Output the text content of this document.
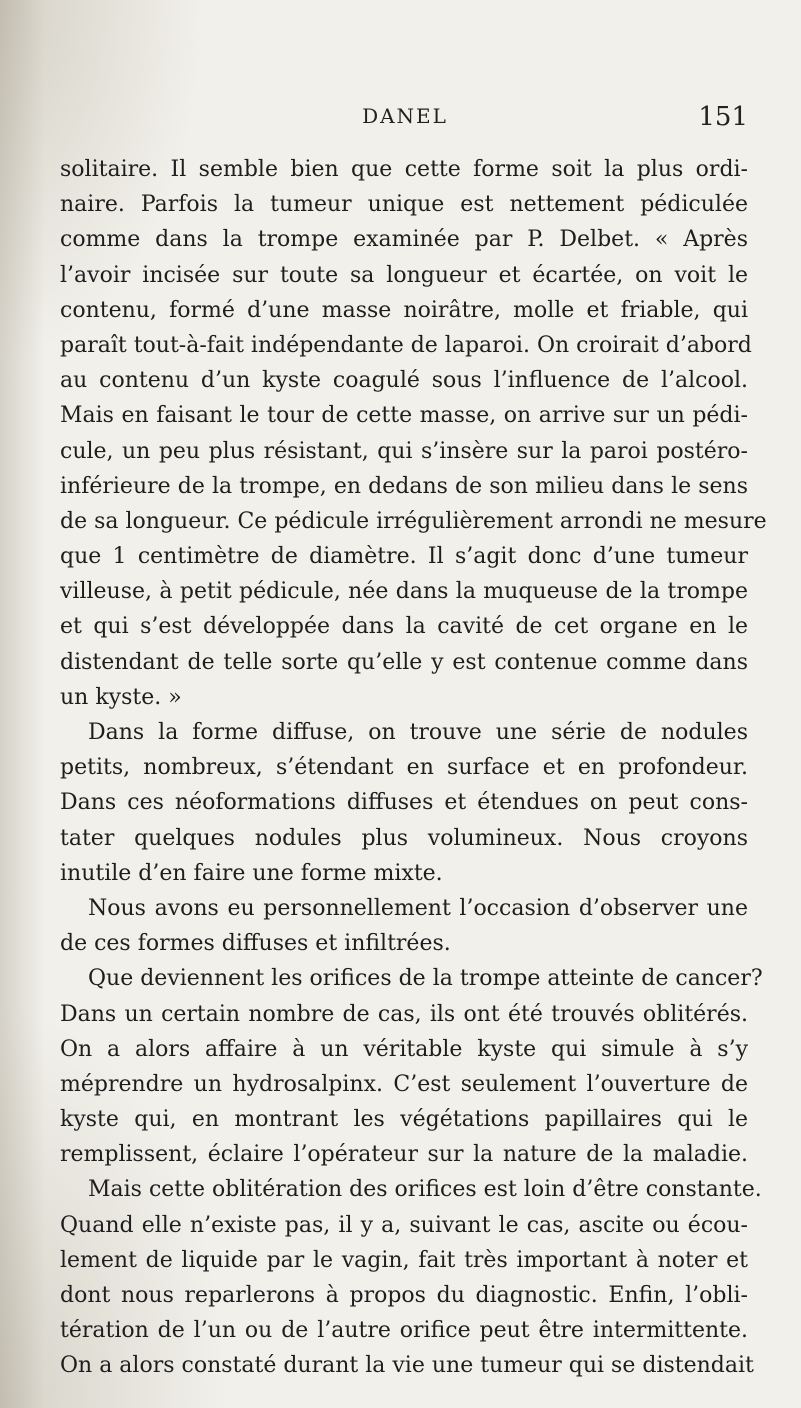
DANEL	151
solitaire. Il semble bien que cette forme soit la plus ordi-
naire. Parfois la tumeur unique est nettement pédiculée
comme dans la trompe examinée par P. Delbet. « Après
l’avoir incisée sur toute sa longueur et écartée, on voit le
contenu, formé d’une masse noirâtre, molle et friable, qui
paraît tout-à-fait indépendante de laparoi. On croirait d’abord
au contenu d’un kyste coagulé sous l’influence de l’alcool.
Mais en faisant le tour de cette masse, on arrive sur un pédi-
cule, un peu plus résistant, qui s’insère sur la paroi postéro-
inférieure de la trompe, en dedans de son milieu dans le sens
de sa longueur. Ce pédicule irrégulièrement arrondi ne mesure
que 1 centimètre de diamètre. Il s’agit donc d’une tumeur
villeuse, à petit pédicule, née dans la muqueuse de la trompe
et qui s’est développée dans la cavité de cet organe en le
distendant de telle sorte qu’elle y est contenue comme dans
un kyste. »
Dans la forme diffuse, on trouve une série de nodules
petits, nombreux, s’étendant en surface et en profondeur.
Dans ces néoformations diffuses et étendues on peut cons-
tater quelques nodules plus volumineux. Nous croyons
inutile d’en faire une forme mixte.
Nous avons eu personnellement l’occasion d’observer une
de ces formes diffuses et infiltrées.
Que deviennent les orifices de la trompe atteinte de cancer?
Dans un certain nombre de cas, ils ont été trouvés oblitérés.
On a alors affaire à un véritable kyste qui simule à s’y
méprendre un hydrosalpinx. C’est seulement l’ouverture de
kyste qui, en montrant les végétations papillaires qui le
remplissent, éclaire l’opérateur sur la nature de la maladie.
Mais cette oblitération des orifices est loin d’être constante.
Quand elle n’existe pas, il y a, suivant le cas, ascite ou écou-
lement de liquide par le vagin, fait très important à noter et
dont nous reparlerons à propos du diagnostic. Enfin, l’obli-
tération de l’un ou de l’autre orifice peut être intermittente.
On a alors constaté durant la vie une tumeur qui se distendait
